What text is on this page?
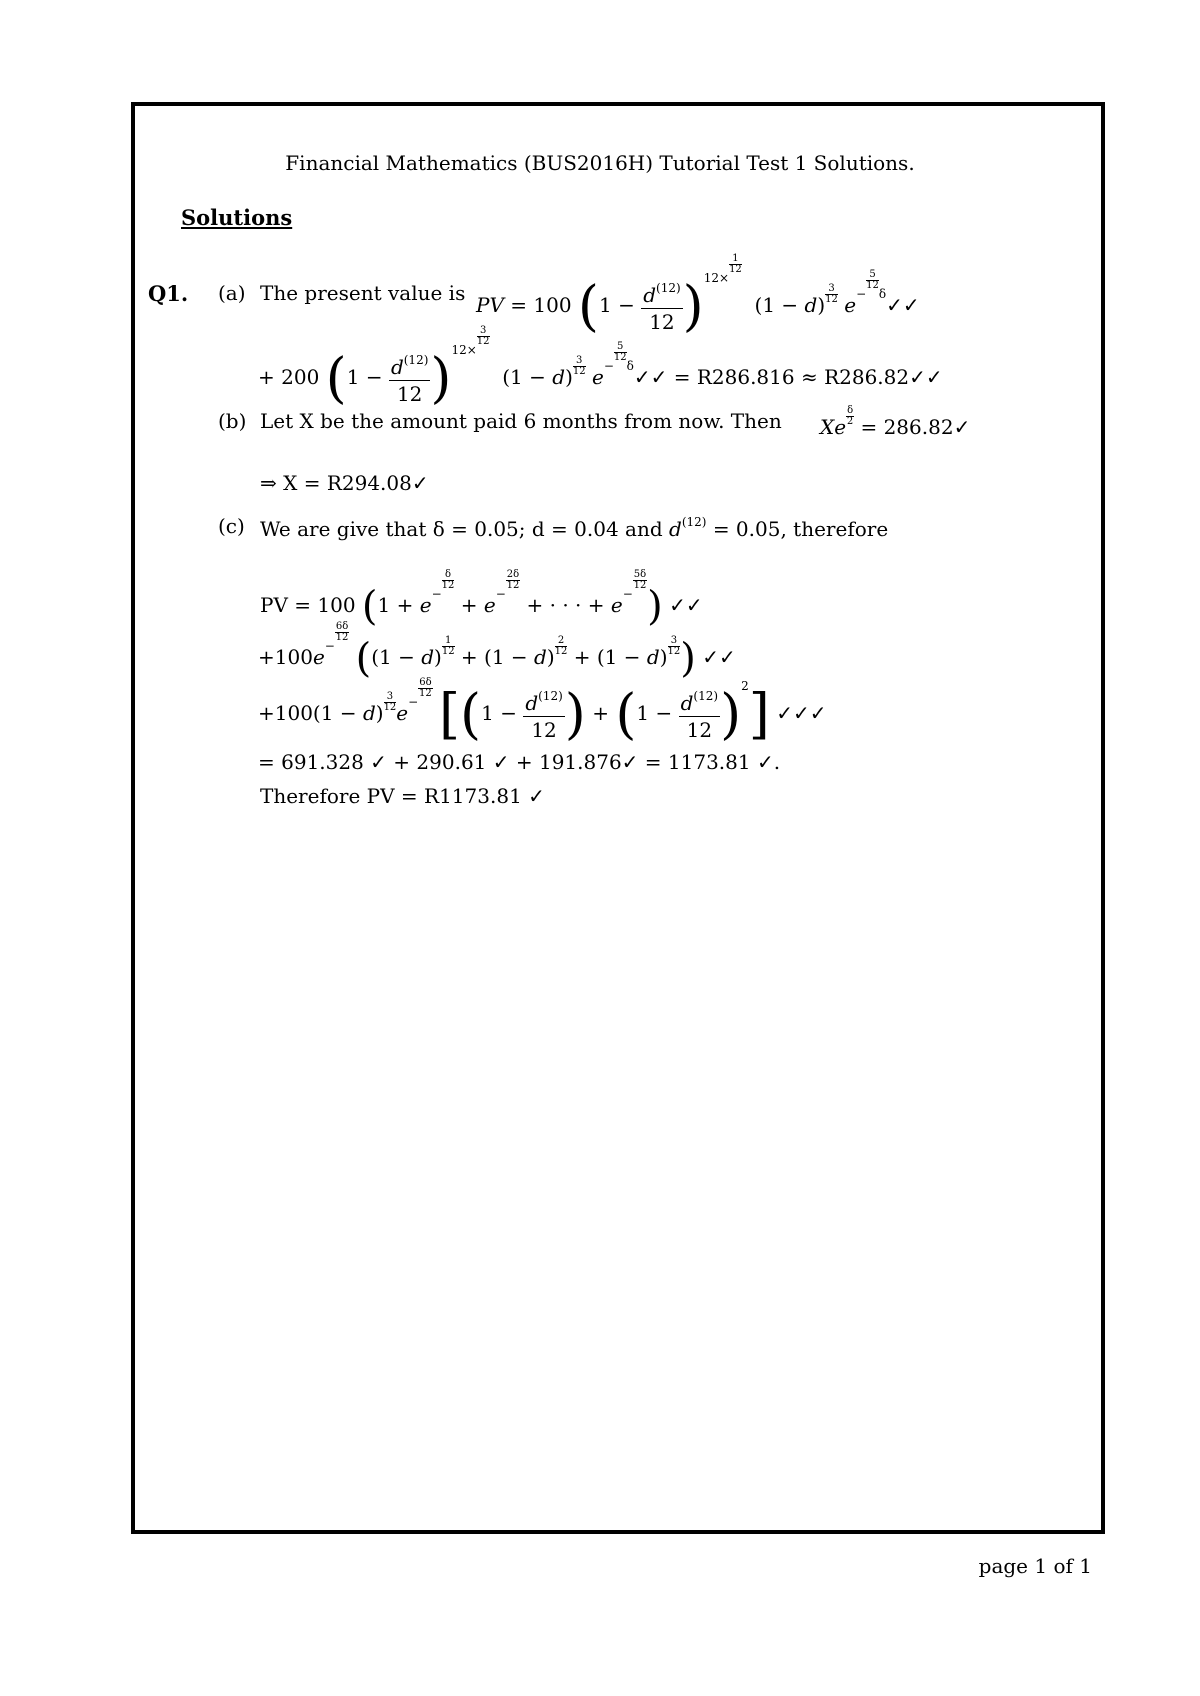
Financial Mathematics (BUS2016H) Tutorial Test 1 Solutions.
Solutions
Q1. (a) The present value is PV = 100 $(1 - \frac{d^{(12)}}{12} )^{12\times \frac{1}{12}}$
$(1 - d) \frac{3}{12}$ $e^{- \frac{5}{12} \delta}✓✓$
+ 200 $(1 - \frac{d^{(12)}}{12} )^{12\times \frac{3}{12}}$
$(1 - d) \frac{3}{12}$ $e^{- \frac{5}{12} \delta}✓✓ = R286.816$ ≈ R286.82✓✓
(b) Let X be the amount paid 6 months from now. Then Xe $\frac{\delta}{2}$ = 286.82✓
⇒ X = R294.08✓
(c) We are give that δ = 0.05; d = 0.04 and $d^{(12)} = 0.05$, therefore
PV = 100 ($1 + e^{- \frac{\delta}{12}}$
+ $e^{- \frac{2\delta}{12}}$
+ · · · + $e^{- \frac{5\delta}{12}}$
) ✓✓
$+100e^{- \frac{6\delta}{12}}$
($(1 - d) \frac{1}{12} + (1 - d) \frac{2}{12} + (1 - d) \frac{3}{12}$ ) ✓✓
$+100(1 - d) \frac{3}{12} e^{- \frac{6\delta}{12}}$ [($1 - \frac{d^{(12)}}{12}$ ) + $(1 - \frac{d^{(12)}}{12} )^2$] ✓✓✓
= 691.328 ✓ + 290.61 ✓ + 191.876✓ = 1173.81 ✓.
Therefore PV = R1173.81 ✓
page 1 of 1
